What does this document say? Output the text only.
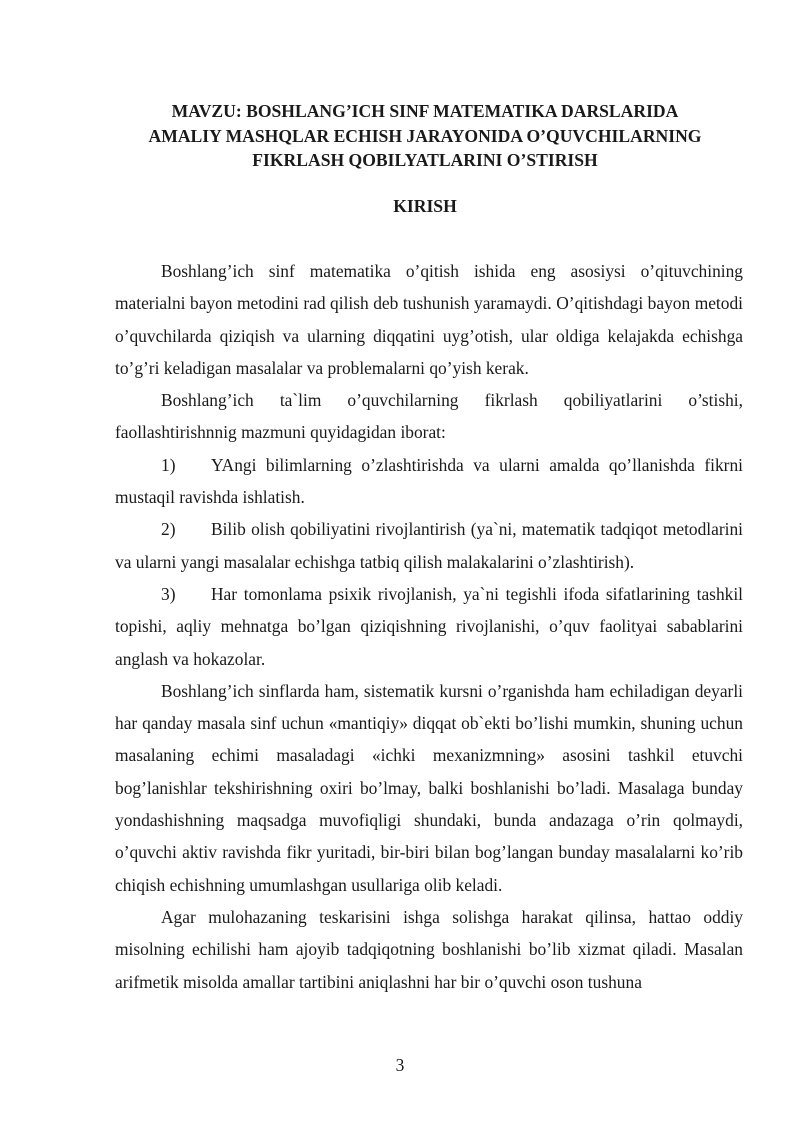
MAVZU: BOSHLANG’ICH SINF MATEMATIKA DARSLARIDA
AMALIY MASHQLAR ECHISH JARAYONIDA O’QUVCHILARNING
FIKRLASH QOBILYATLARINI O’STIRISH
KIRISH

Boshlang’ich sinf matematika o’qitish ishida eng asosiysi o’qituvchining materialni bayon metodini rad qilish deb tushunish yaramaydi. O’qitishdagi bayon metodi o’quvchilarda qiziqish va ularning diqqatini uyg’otish, ular oldiga kelajakda echishga to’g’ri keladigan masalalar va problemalarni qo’yish kerak.

Boshlang’ich ta`lim o’quvchilarning fikrlash qobiliyatlarini o’stishi, faollashtirishnnig mazmuni quyidagidan iborat:

1) YAngi bilimlarning o’zlashtirishda va ularni amalda qo’llanishda fikrni mustaqil ravishda ishlatish.

2) Bilib olish qobiliyatini rivojlantirish (ya`ni, matematik tadqiqot metodlarini va ularni yangi masalalar echishga tatbiq qilish malakalarini o’zlashtirish).

3) Har tomonlama psixik rivojlanish, ya`ni tegishli ifoda sifatlarining tashkil topishi, aqliy mehnatga bo’lgan qiziqishning rivojlanishi, o’quv faolityai sabablarini anglash va hokazolar.

Boshlang’ich sinflarda ham, sistematik kursni o’rganishda ham echiladigan deyarli har qanday masala sinf uchun «mantiqiy» diqqat ob`ekti bo’lishi mumkin, shuning uchun masalaning echimi masaladagi «ichki mexanizmning» asosini tashkil etuvchi bog’lanishlar tekshirishning oxiri bo’lmay, balki boshlanishi bo’ladi. Masalaga bunday yondashishning maqsadga muvofiqligi shundaki, bunda andazaga o’rin qolmaydi, o’quvchi aktiv ravishda fikr yuritadi, bir-biri bilan bog’langan bunday masalalarni ko’rib chiqish echishning umumlashgan usullariga olib keladi.

Agar mulohazaning teskarisini ishga solishga harakat qilinsa, hattao oddiy misolning echilishi ham ajoyib tadqiqotning boshlanishi bo’lib xizmat qiladi. Masalan arifmetik misolda amallar tartibini aniqlashni har bir o’quvchi oson tushuna

3
